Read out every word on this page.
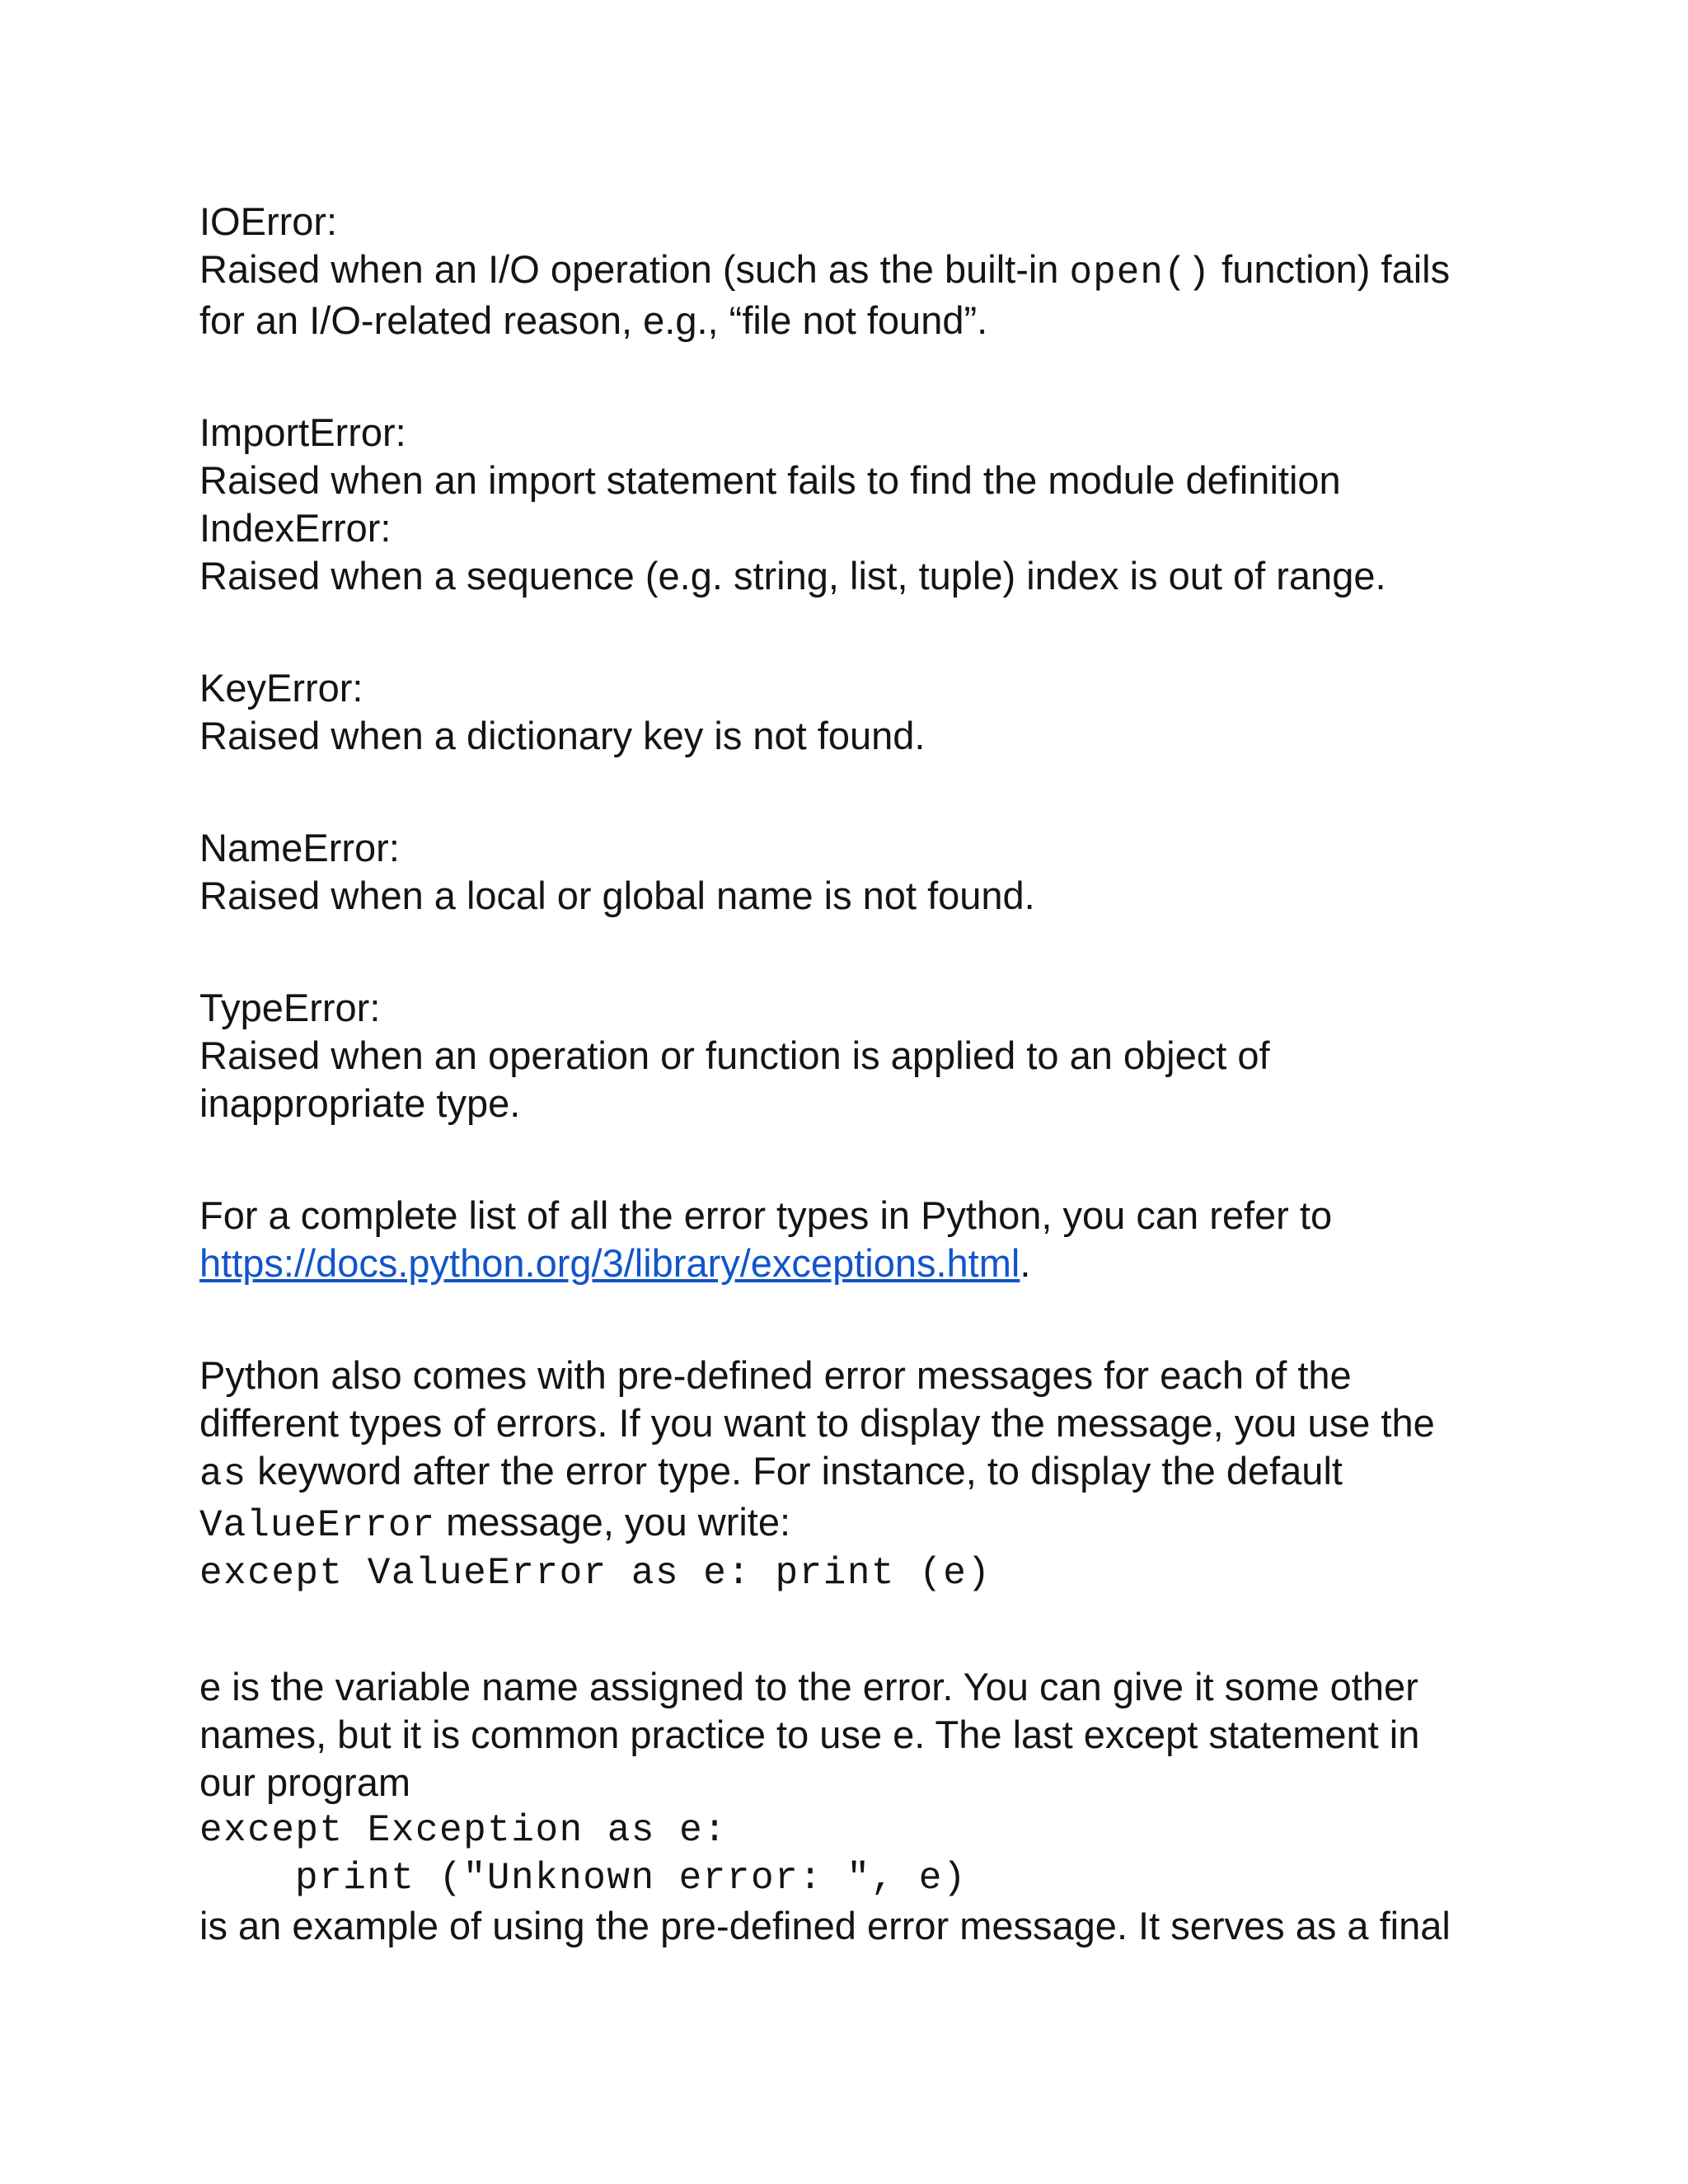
IOError:
Raised when an I/O operation (such as the built-in open() function) fails
for an I/O-related reason, e.g., “file not found”.
ImportError:
Raised when an import statement fails to find the module definition
IndexError:
Raised when a sequence (e.g. string, list, tuple) index is out of range.
KeyError:
Raised when a dictionary key is not found.
NameError:
Raised when a local or global name is not found.
TypeError:
Raised when an operation or function is applied to an object of
inappropriate type.
For a complete list of all the error types in Python, you can refer to
https://docs.python.org/3/library/exceptions.html.
Python also comes with pre-defined error messages for each of the
different types of errors. If you want to display the message, you use the
as keyword after the error type. For instance, to display the default
ValueError message, you write:
except ValueError as e: print (e)
e is the variable name assigned to the error. You can give it some other
names, but it is common practice to use e. The last except statement in
our program
except Exception as e:
print ("Unknown error: ", e)
is an example of using the pre-defined error message. It serves as a final
